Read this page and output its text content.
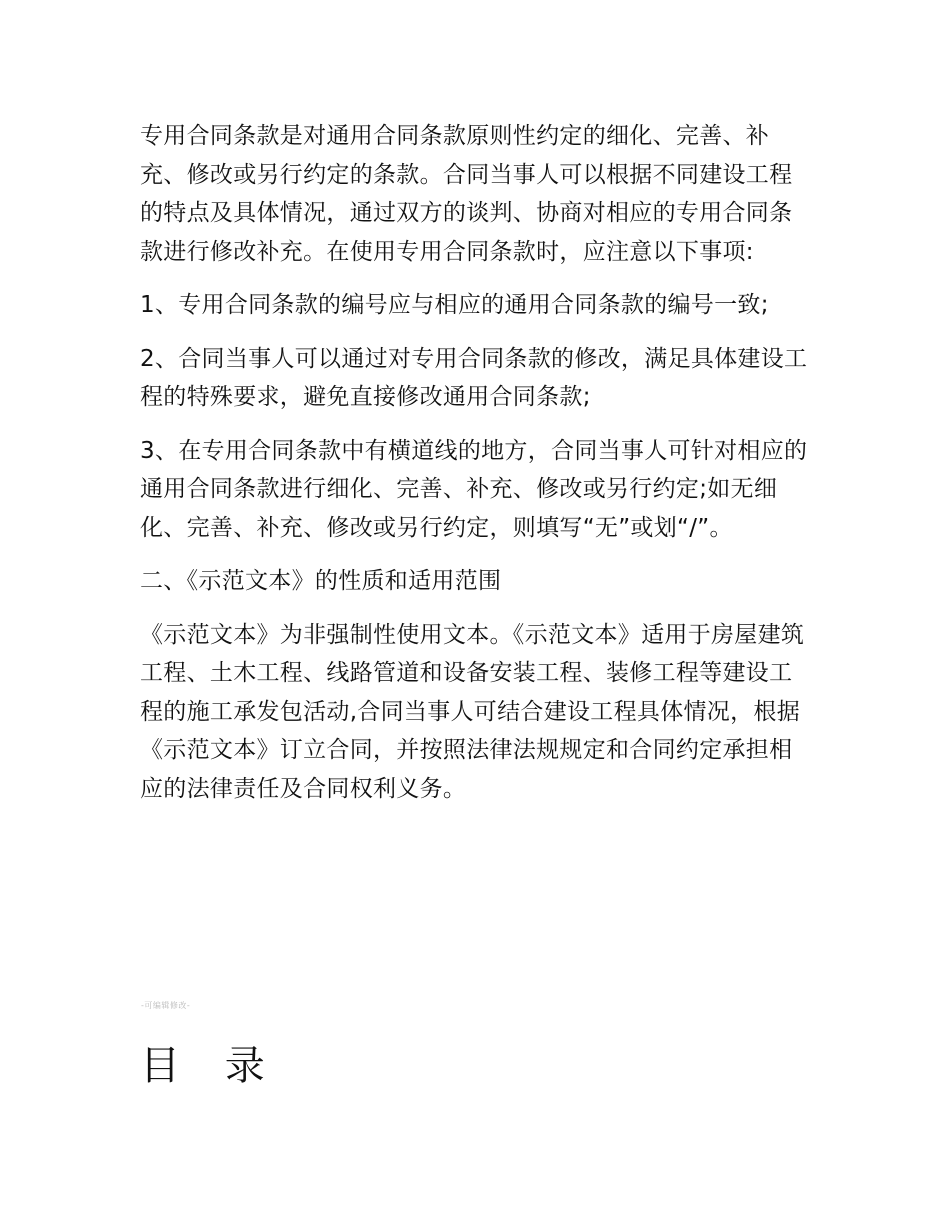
专用合同条款是对通用合同条款原则性约定的细化、完善、补充、修改或另行约定的条款。合同当事人可以根据不同建设工程的特点及具体情况，通过双方的谈判、协商对相应的专用合同条款进行修改补充。在使用专用合同条款时，应注意以下事项:

1、专用合同条款的编号应与相应的通用合同条款的编号一致;

2、合同当事人可以通过对专用合同条款的修改，满足具体建设工程的特殊要求，避免直接修改通用合同条款;

3、在专用合同条款中有横道线的地方，合同当事人可针对相应的通用合同条款进行细化、完善、补充、修改或另行约定;如无细化、完善、补充、修改或另行约定，则填写“无”或划“/”。

二、《示范文本》的性质和适用范围

《示范文本》为非强制性使用文本。《示范文本》适用于房屋建筑工程、土木工程、线路管道和设备安装工程、装修工程等建设工程的施工承发包活动,合同当事人可结合建设工程具体情况，根据《示范文本》订立合同，并按照法律法规规定和合同约定承担相应的法律责任及合同权利义务。

-可编辑修改-
目 录
